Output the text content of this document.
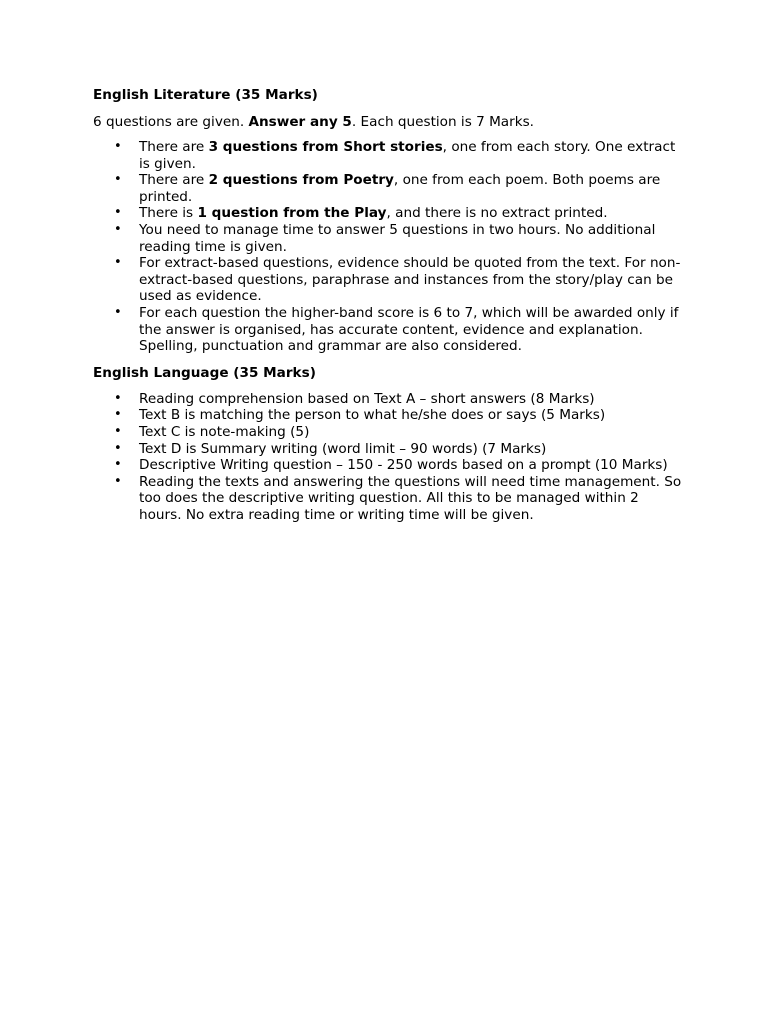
English Literature (35 Marks)
6 questions are given. Answer any 5. Each question is 7 Marks.
• There are 3 questions from Short stories, one from each story. One extract is given.
• There are 2 questions from Poetry, one from each poem. Both poems are printed.
• There is 1 question from the Play, and there is no extract printed.
• You need to manage time to answer 5 questions in two hours. No additional reading time is given.
• For extract-based questions, evidence should be quoted from the text. For non-extract-based questions, paraphrase and instances from the story/play can be used as evidence.
• For each question the higher-band score is 6 to 7, which will be awarded only if the answer is organised, has accurate content, evidence and explanation. Spelling, punctuation and grammar are also considered.
English Language (35 Marks)
• Reading comprehension based on Text A – short answers (8 Marks)
• Text B is matching the person to what he/she does or says (5 Marks)
• Text C is note-making (5)
• Text D is Summary writing (word limit – 90 words) (7 Marks)
• Descriptive Writing question – 150 - 250 words based on a prompt (10 Marks)
• Reading the texts and answering the questions will need time management. So too does the descriptive writing question. All this to be managed within 2 hours. No extra reading time or writing time will be given.
